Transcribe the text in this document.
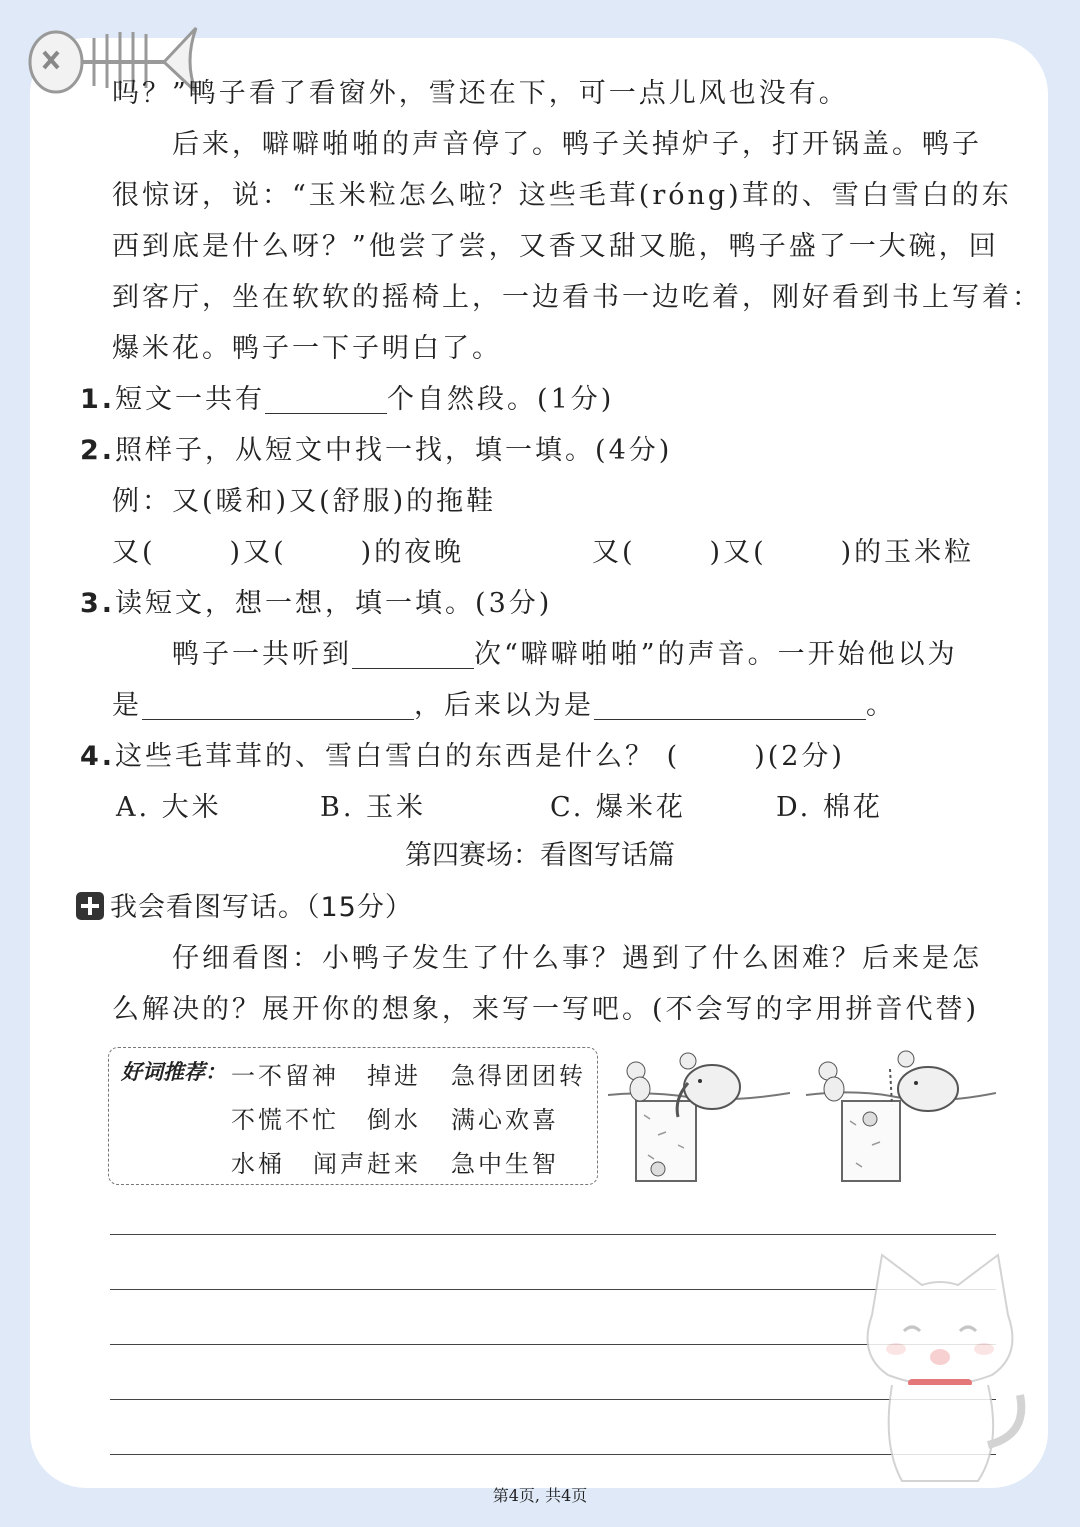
吗？”鸭子看了看窗外，雪还在下，可一点儿风也没有。
后来，噼噼啪啪的声音停了。鸭子关掉炉子，打开锅盖。鸭子
很惊讶，说：“玉米粒怎么啦？这些毛茸(róng)茸的、雪白雪白的东
西到底是什么呀？”他尝了尝，又香又甜又脆，鸭子盛了一大碗，回
到客厅，坐在软软的摇椅上，一边看书一边吃着，刚好看到书上写着：
爆米花。鸭子一下子明白了。
1.短文一共有	个自然段。(1分)
2.照样子，从短文中找一找，填一填。(4分)
例：又(暖和)又(舒服)的拖鞋
又(	)又(	)的夜晚	又(	)又(	)的玉米粒
3.读短文，想一想，填一填。(3分)
鸭子一共听到	次“噼噼啪啪”的声音。一开始他以为
是	，后来以为是	。
4.这些毛茸茸的、雪白雪白的东西是什么？ (	)(2分)
A. 大米	B. 玉米	C. 爆米花	D. 棉花
第四赛场：看图写话篇
我会看图写话。（15分）
仔细看图：小鸭子发生了什么事？遇到了什么困难？后来是怎
么解决的？展开你的想象，来写一写吧。(不会写的字用拼音代替)
好词推荐： 一不留神 掉进 急得团团转
不慌不忙 倒水 满心欢喜
水桶 闻声赶来 急中生智
第4页, 共4页
